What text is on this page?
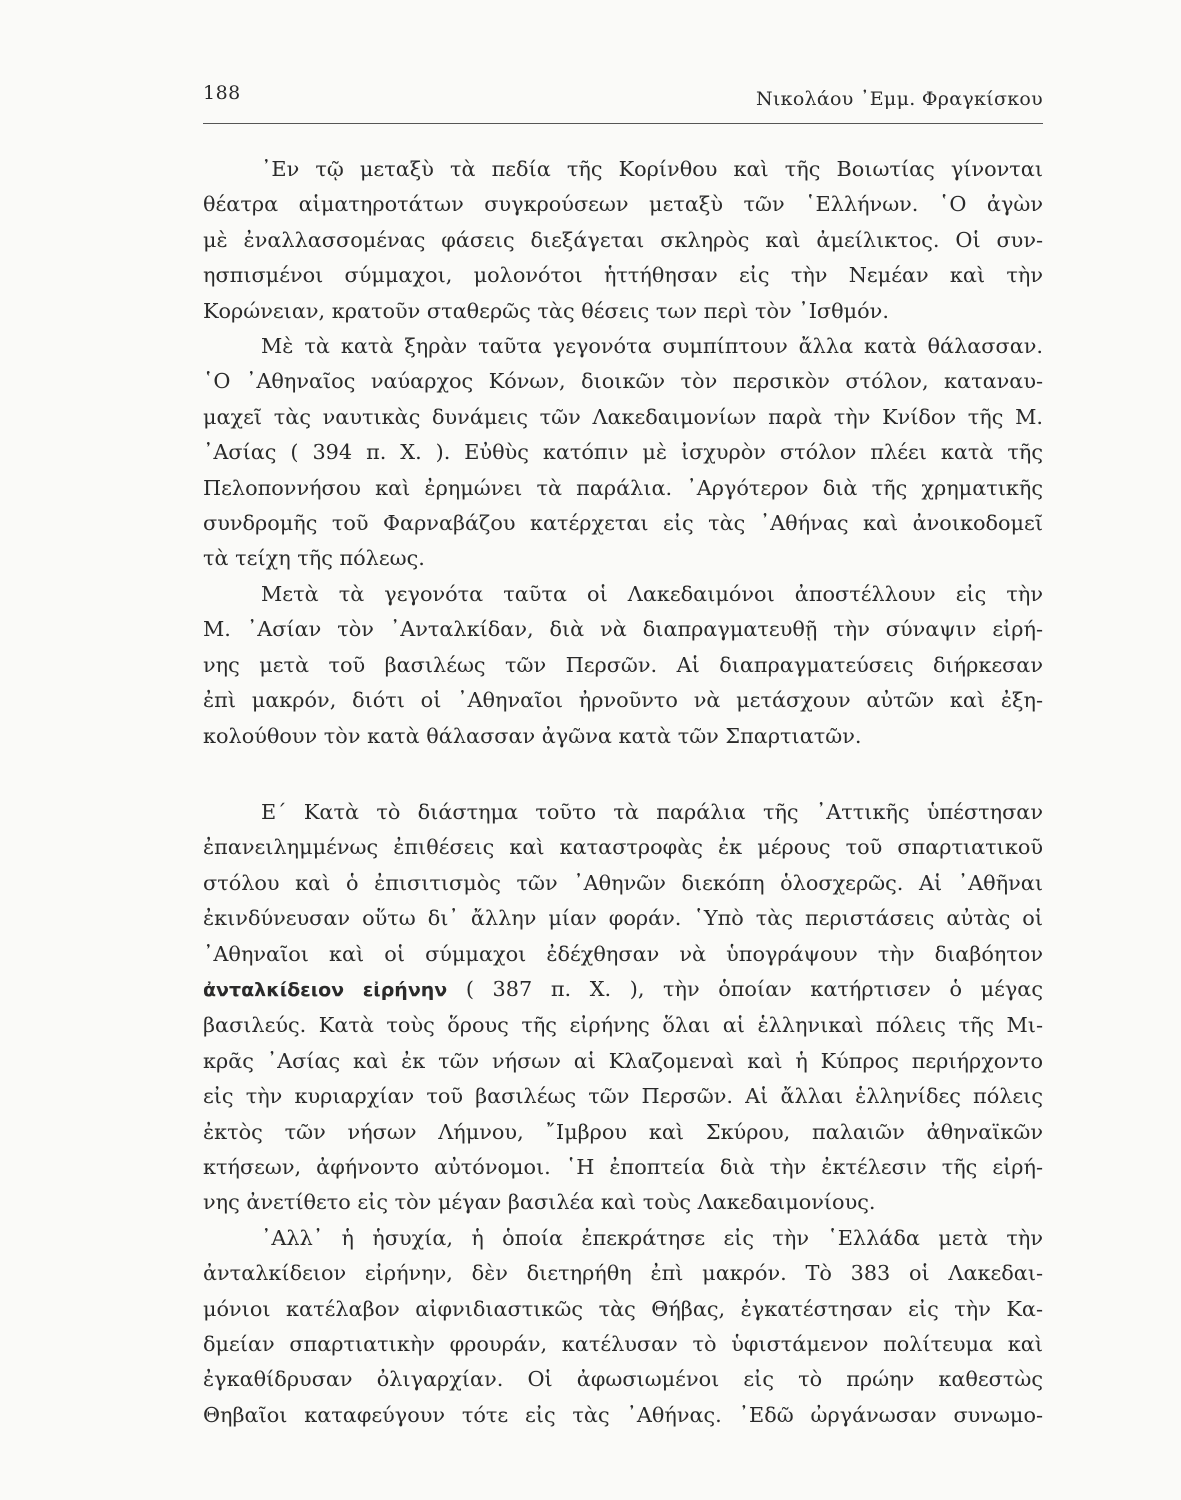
188	Νικολάου ᾿Εμμ. Φραγκίσκου

᾿Εν τῷ μεταξὺ τὰ πεδία τῆς Κορίνθου καὶ τῆς Βοιωτίας γίνονται

θέατρα αἱματηροτάτων συγκρούσεων μεταξὺ τῶν ῾Ελλήνων. ῾Ο ἀγὼν

μὲ ἐναλλασσομένας φάσεις διεξάγεται σκληρὸς καὶ ἀμείλικτος. Οἱ συν-

ησπισμένοι σύμμαχοι, μολονότοι ἡττήθησαν εἰς τὴν Νεμέαν καὶ τὴν

Κορώνειαν, κρατοῦν σταθερῶς τὰς θέσεις των περὶ τὸν ᾿Ισθμόν.

Μὲ τὰ κατὰ ξηρὰν ταῦτα γεγονότα συμπίπτουν ἄλλα κατὰ θάλασσαν.

῾Ο ᾿Αθηναῖος ναύαρχος Κόνων, διοικῶν τὸν περσικὸν στόλον, καταναυ-

μαχεῖ τὰς ναυτικὰς δυνάμεις τῶν Λακεδαιμονίων παρὰ τὴν Κνίδον τῆς Μ.

᾿Ασίας ( 394 π. Χ. ). Εὐθὺς κατόπιν μὲ ἰσχυρὸν στόλον πλέει κατὰ τῆς

Πελοποννήσου καὶ ἐρημώνει τὰ παράλια. ᾿Αργότερον διὰ τῆς χρηματικῆς

συνδρομῆς τοῦ Φαρναβάζου κατέρχεται εἰς τὰς ᾿Αθήνας καὶ ἀνοικοδομεῖ

τὰ τείχη τῆς πόλεως.

Μετὰ τὰ γεγονότα ταῦτα οἱ Λακεδαιμόνοι ἀποστέλλουν εἰς τὴν

Μ. ᾿Ασίαν τὸν ᾿Ανταλκίδαν, διὰ νὰ διαπραγματευθῇ τὴν σύναψιν εἰρή-

νης μετὰ τοῦ βασιλέως τῶν Περσῶν. Αἱ διαπραγματεύσεις διήρκεσαν

ἐπὶ μακρόν, διότι οἱ ᾿Αθηναῖοι ἠρνοῦντο νὰ μετάσχουν αὐτῶν καὶ ἐξη-

κολούθουν τὸν κατὰ θάλασσαν ἀγῶνα κατὰ τῶν Σπαρτιατῶν.

Ε΄ Κατὰ τὸ διάστημα τοῦτο τὰ παράλια τῆς ᾿Αττικῆς ὑπέστησαν

ἐπανειλημμένως ἐπιθέσεις καὶ καταστροφὰς ἐκ μέρους τοῦ σπαρτιατικοῦ

στόλου καὶ ὁ ἐπισιτισμὸς τῶν ᾿Αθηνῶν διεκόπη ὁλοσχερῶς. Αἱ ᾿Αθῆναι

ἐκινδύνευσαν οὕτω δι᾿ ἄλλην μίαν φοράν. ῾Υπὸ τὰς περιστάσεις αὐτὰς οἱ

᾿Αθηναῖοι καὶ οἱ σύμμαχοι ἐδέχθησαν νὰ ὑπογράψουν τὴν διαβόητον

ἀνταλκίδειον εἰρήνην ( 387 π. Χ. ), τὴν ὁποίαν κατήρτισεν ὁ μέγας

βασιλεύς. Κατὰ τοὺς ὅρους τῆς εἰρήνης ὅλαι αἱ ἑλληνικαὶ πόλεις τῆς Μι-

κρᾶς ᾿Ασίας καὶ ἐκ τῶν νήσων αἱ Κλαζομεναὶ καὶ ἡ Κύπρος περιήρχοντο

εἰς τὴν κυριαρχίαν τοῦ βασιλέως τῶν Περσῶν. Αἱ ἄλλαι ἑλληνίδες πόλεις

ἐκτὸς τῶν νήσων Λήμνου, ῎Ιμβρου καὶ Σκύρου, παλαιῶν ἀθηναϊκῶν

κτήσεων, ἀφήνοντο αὐτόνομοι. ῾Η ἐποπτεία διὰ τὴν ἐκτέλεσιν τῆς εἰρή-

νης ἀνετίθετο εἰς τὸν μέγαν βασιλέα καὶ τοὺς Λακεδαιμονίους.

᾿Αλλ᾿ ἡ ἡσυχία, ἡ ὁποία ἐπεκράτησε εἰς τὴν ῾Ελλάδα μετὰ τὴν

ἀνταλκίδειον εἰρήνην, δὲν διετηρήθη ἐπὶ μακρόν. Τὸ 383 οἱ Λακεδαι-

μόνιοι κατέλαβον αἰφνιδιαστικῶς τὰς Θήβας, ἐγκατέστησαν εἰς τὴν Κα-

δμείαν σπαρτιατικὴν φρουράν, κατέλυσαν τὸ ὑφιστάμενον πολίτευμα καὶ

ἐγκαθίδρυσαν ὀλιγαρχίαν. Οἱ ἀφωσιωμένοι εἰς τὸ πρώην καθεστὼς

Θηβαῖοι καταφεύγουν τότε εἰς τὰς ᾿Αθήνας. ᾿Εδῶ ὠργάνωσαν συνωμο-
